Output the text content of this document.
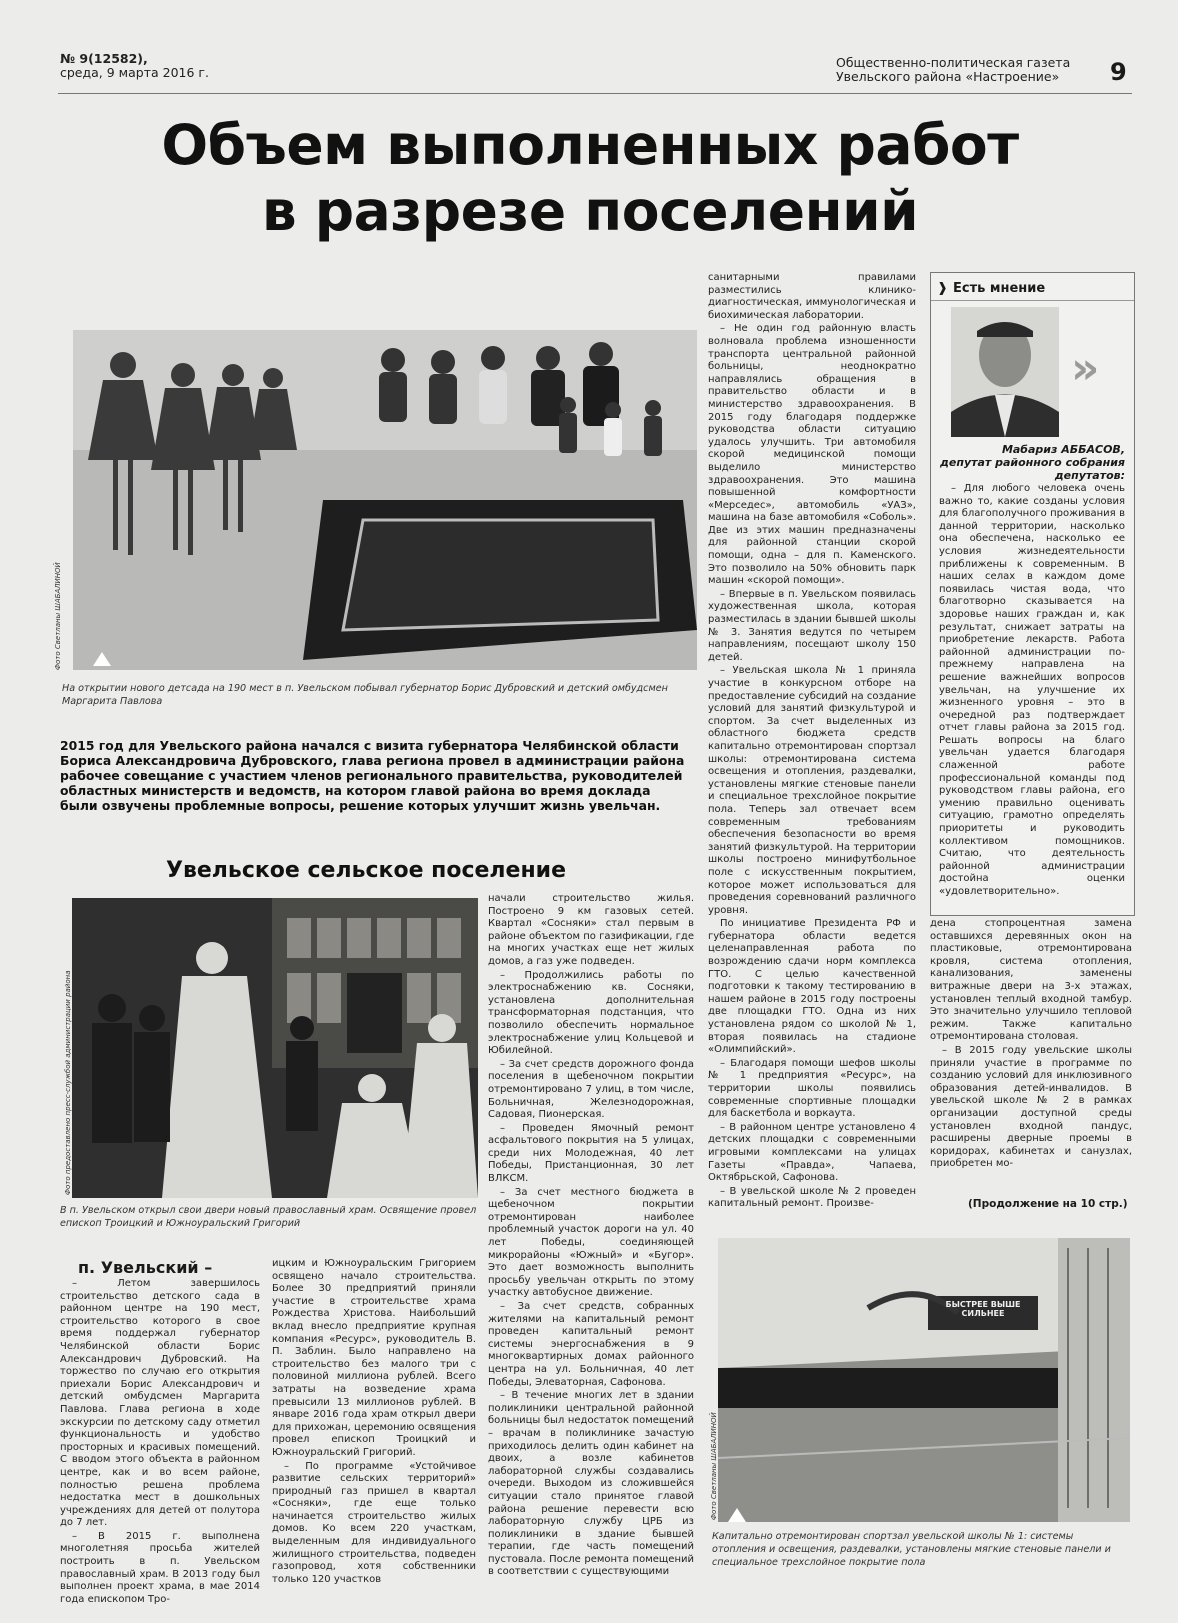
№ 9(12582),
среда, 9 марта 2016 г.
Общественно-политическая газета
Увельского района «Настроение»	9
Объем выполненных работ
в разрезе поселений
Фото Светланы ШАБАЛИНОЙ
На открытии нового детсада на 190 мест в п. Увельском побывал губернатор Борис Дубровский и детский омбудсмен Маргарита Павлова
2015 год для Увельского района начался с визита губернатора Челябинской области Бориса Александровича Дубровского, глава региона провел в администрации района рабочее совещание с участием членов регионального правительства, руководителей областных министерств и ведомств, на котором главой района во время доклада были озвучены проблемные вопросы, решение которых улучшит жизнь увельчан.
Увельское сельское поселение
Фото предоставлено пресс-службой администрации района
В п. Увельском открыл свои двери новый православный храм. Освящение провел епископ Троицкий и Южноуральский Григорий
п. Увельский –

– Летом завершилось строительство детского сада в районном центре на 190 мест, строительство которого в свое время поддержал губернатор Челябинской области Борис Александрович Дубровский. На торжество по случаю его открытия приехали Борис Александрович и детский омбудсмен Маргарита Павлова. Глава региона в ходе экскурсии по детскому саду отметил функциональность и удобство просторных и красивых помещений. С вводом этого объекта в районном центре, как и во всем районе, полностью решена проблема недостатка мест в дошкольных учреждениях для детей от полутора до 7 лет.

– В 2015 г. выполнена многолетняя просьба жителей построить в п. Увельском православный храм. В 2013 году был выполнен проект храма, в мае 2014 года епископом Тро-

ицким и Южноуральским Григорием освящено начало строительства. Более 30 предприятий приняли участие в строительстве храма Рождества Христова. Наибольший вклад внесло предприятие крупная компания «Ресурс», руководитель В. П. Заблин. Было направлено на строительство без малого три с половиной миллиона рублей. Всего затраты на возведение храма превысили 13 миллионов рублей. В январе 2016 года храм открыл двери для прихожан, церемонию освящения провел епископ Троицкий и Южноуральский Григорий.

– По программе «Устойчивое развитие сельских территорий» природный газ пришел в квартал «Сосняки», где еще только начинается строительство жилых домов. Ко всем 220 участкам, выделенным для индивидуального жилищного строительства, подведен газопровод, хотя собственники только 120 участков

начали строительство жилья. Построено 9 км газовых сетей. Квартал «Сосняки» стал первым в районе объектом по газификации, где на многих участках еще нет жилых домов, а газ уже подведен.

– Продолжились работы по электроснабжению кв. Сосняки, установлена дополнительная трансформаторная подстанция, что позволило обеспечить нормальное электроснабжение улиц Кольцевой и Юбилейной.

– За счет средств дорожного фонда поселения в щебеночном покрытии отремонтировано 7 улиц, в том числе, Больничная, Железнодорожная, Садовая, Пионерская.

– Проведен Ямочный ремонт асфальтового покрытия на 5 улицах, среди них Молодежная, 40 лет Победы, Пристанционная, 30 лет ВЛКСМ.

– За счет местного бюджета в щебеночном покрытии отремонтирован наиболее проблемный участок дороги на ул. 40 лет Победы, соединяющей микрорайоны «Южный» и «Бугор». Это дает возможность выполнить просьбу увельчан открыть по этому участку автобусное движение.

– За счет средств, собранных жителями на капитальный ремонт проведен капитальный ремонт системы энергоснабжения в 9 многоквартирных домах районного центра на ул. Больничная, 40 лет Победы, Элеваторная, Сафонова.

– В течение многих лет в здании поликлиники центральной районной больницы был недостаток помещений – врачам в поликлинике зачастую приходилось делить один кабинет на двоих, а возле кабинетов лабораторной службы создавались очереди. Выходом из сложившейся ситуации стало принятое главой района решение перевести всю лабораторную службу ЦРБ из поликлиники в здание бывшей терапии, где часть помещений пустовала. После ремонта помещений в соответствии с существующими

санитарными правилами разместились клинико-диагностическая, иммунологическая и биохимическая лаборатории.

– Не один год районную власть волновала проблема изношенности транспорта центральной районной больницы, неоднократно направлялись обращения в правительство области и в министерство здравоохранения. В 2015 году благодаря поддержке руководства области ситуацию удалось улучшить. Три автомобиля скорой медицинской помощи выделило министерство здравоохранения. Это машина повышенной комфортности «Мерседес», автомобиль «УАЗ», машина на базе автомобиля «Соболь». Две из этих машин предназначены для районной станции скорой помощи, одна – для п. Каменского. Это позволило на 50% обновить парк машин «скорой помощи».

– Впервые в п. Увельском появилась художественная школа, которая разместилась в здании бывшей школы № 3. Занятия ведутся по четырем направлениям, посещают школу 150 детей.

– Увельская школа № 1 приняла участие в конкурсном отборе на предоставление субсидий на создание условий для занятий физкультурой и спортом. За счет выделенных из областного бюджета средств капитально отремонтирован спортзал школы: отремонтирована система освещения и отопления, раздевалки, установлены мягкие стеновые панели и специальное трехслойное покрытие пола. Теперь зал отвечает всем современным требованиям обеспечения безопасности во время занятий физкультурой. На территории школы построено минифутбольное поле с искусственным покрытием, которое может использоваться для проведения соревнований различного уровня.

По инициативе Президента РФ и губернатора области ведется целенаправленная работа по возрождению сдачи норм комплекса ГТО. С целью качественной подготовки к такому тестированию в нашем районе в 2015 году построены две площадки ГТО. Одна из них установлена рядом со школой № 1, вторая появилась на стадионе «Олимпийский».

– Благодаря помощи шефов школы № 1 предприятия «Ресурс», на территории школы появились современные спортивные площадки для баскетбола и воркаута.

– В районном центре установлено 4 детских площадки с современными игровыми комплексами на улицах Газеты «Правда», Чапаева, Октябрьской, Сафонова.

– В увельской школе № 2 проведен капитальный ремонт. Произве-

дена стопроцентная замена оставшихся деревянных окон на пластиковые, отремонтирована кровля, система отопления, канализования, заменены витражные двери на 3-х этажах, установлен теплый входной тамбур. Это значительно улучшило тепловой режим. Также капитально отремонтирована столовая.

– В 2015 году увельские школы приняли участие в программе по созданию условий для инклюзивного образования детей-инвалидов. В увельской школе № 2 в рамках организации доступной среды установлен входной пандус, расширены дверные проемы в коридорах, кабинетах и санузлах, приобретен мо-

(Продолжение на 10 стр.)
❱ Есть мнение
»
Мабариз АББАСОВ,
депутат районного собрания депутатов:

– Для любого человека очень важно то, какие созданы условия для благополучного проживания в данной территории, насколько она обеспечена, насколько ее условия жизнедеятельности приближены к современным. В наших селах в каждом доме появилась чистая вода, что благотворно сказывается на здоровье наших граждан и, как результат, снижает затраты на приобретение лекарств. Работа районной администрации по-прежнему направлена на решение важнейших вопросов увельчан, на улучшение их жизненного уровня – это в очередной раз подтверждает отчет главы района за 2015 год. Решать вопросы на благо увельчан удается благодаря слаженной работе профессиональной команды под руководством главы района, его умению правильно оценивать ситуацию, грамотно определять приоритеты и руководить коллективом помощников. Считаю, что деятельность районной администрации достойна оценки «удовлетворительно».

БЫСТРЕЕ ВЫШЕ СИЛЬНЕЕ
Фото Светланы ШАБАЛИНОЙ
Капитально отремонтирован спортзал увельской школы № 1: системы отопления и освещения, раздевалки, установлены мягкие стеновые панели и специальное трехслойное покрытие пола
